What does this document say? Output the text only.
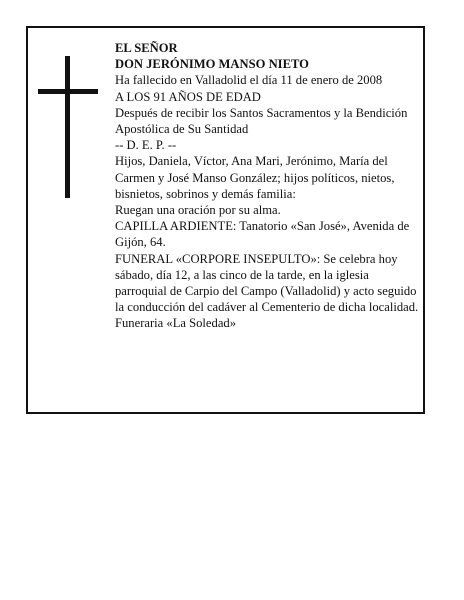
EL SEÑOR

DON JERÓNIMO MANSO NIETO

Ha fallecido en Valladolid el día 11 de enero de 2008

A LOS 91 AÑOS DE EDAD

Después de recibir los Santos Sacramentos y la Bendición Apostólica de Su Santidad

-- D. E. P. --

Hijos, Daniela, Víctor, Ana Mari, Jerónimo, María del Carmen y José Manso González; hijos políticos, nietos, bisnietos, sobrinos y demás familia:

Ruegan una oración por su alma.

CAPILLA ARDIENTE: Tanatorio «San José», Avenida de Gijón, 64.

FUNERAL «CORPORE INSEPULTO»: Se celebra hoy sábado, día 12, a las cinco de la tarde, en la iglesia parroquial de Carpio del Campo (Valladolid) y acto seguido la conducción del cadáver al Cementerio de dicha localidad.

Funeraria «La Soledad»
